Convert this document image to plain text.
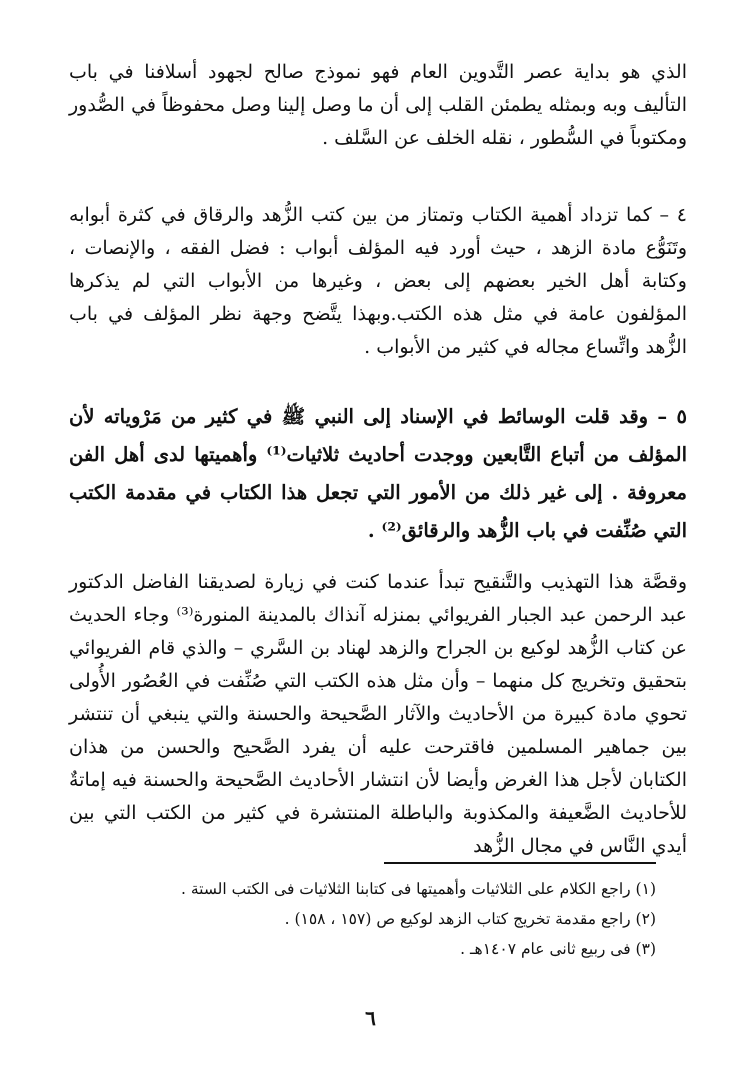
الذي هو بداية عصر التَّدوين العام فهو نموذج صالح لجهود أسلافنا في باب التأليف وبه وبمثله يطمئن القلب إلى أن ما وصل إلينا وصل محفوظاً في الصُّدور ومكتوباً في السُّطور ، نقله الخلف عن السَّلف .

٤ – كما تزداد أهمية الكتاب وتمتاز من بين كتب الزُّهد والرقاق في كثرة أبوابه وتَنَوُّع مادة الزهد ، حيث أورد فيه المؤلف أبواب : فضل الفقه ، والإنصات ، وكتابة أهل الخير بعضهم إلى بعض ، وغيرها من الأبواب التي لم يذكرها المؤلفون عامة في مثل هذه الكتب.وبهذا يتَّضح وجهة نظر المؤلف في باب الزُّهد واتِّساع مجاله في كثير من الأبواب .

٥ – وقد قلت الوسائط في الإسناد إلى النبي ﷺ في كثير من مَرْوياته لأن المؤلف من أتباع التَّابعين ووجدت أحاديث ثلاثيات⁽¹⁾ وأهميتها لدى أهل الفن معروفة . إلى غير ذلك من الأمور التي تجعل هذا الكتاب في مقدمة الكتب التي صُنِّفت في باب الزُّهد والرقائق⁽²⁾ .

وقصَّة هذا التهذيب والتَّنقيح تبدأ عندما كنت في زيارة لصديقنا الفاضل الدكتور عبد الرحمن عبد الجبار الفريوائي بمنزله آنذاك بالمدينة المنورة⁽³⁾ وجاء الحديث عن كتاب الزُّهد لوكيع بن الجراح والزهد لهناد بن السَّري – والذي قام الفريوائي بتحقيق وتخريج كل منهما – وأن مثل هذه الكتب التي صُنِّفت في العُصُور الأُولى تحوي مادة كبيرة من الأحاديث والآثار الصَّحيحة والحسنة والتي ينبغي أن تنتشر بين جماهير المسلمين فاقترحت عليه أن يفرد الصَّحيح والحسن من هذان الكتابان لأجل هذا الغرض وأيضا لأن انتشار الأحاديث الصَّحيحة والحسنة فيه إماتةٌ للأحاديث الضَّعيفة والمكذوبة والباطلة المنتشرة في كثير من الكتب التي بين أيدي النَّاس في مجال الزُّهد

(١) راجع الكلام على الثلاثيات وأهميتها فى كتابنا الثلاثيات فى الكتب الستة .
(٢) راجع مقدمة تخريج كتاب الزهد لوكيع ص (١٥٧ ، ١٥٨) .
(٣) فى ربيع ثانى عام ١٤٠٧هـ .
٦
